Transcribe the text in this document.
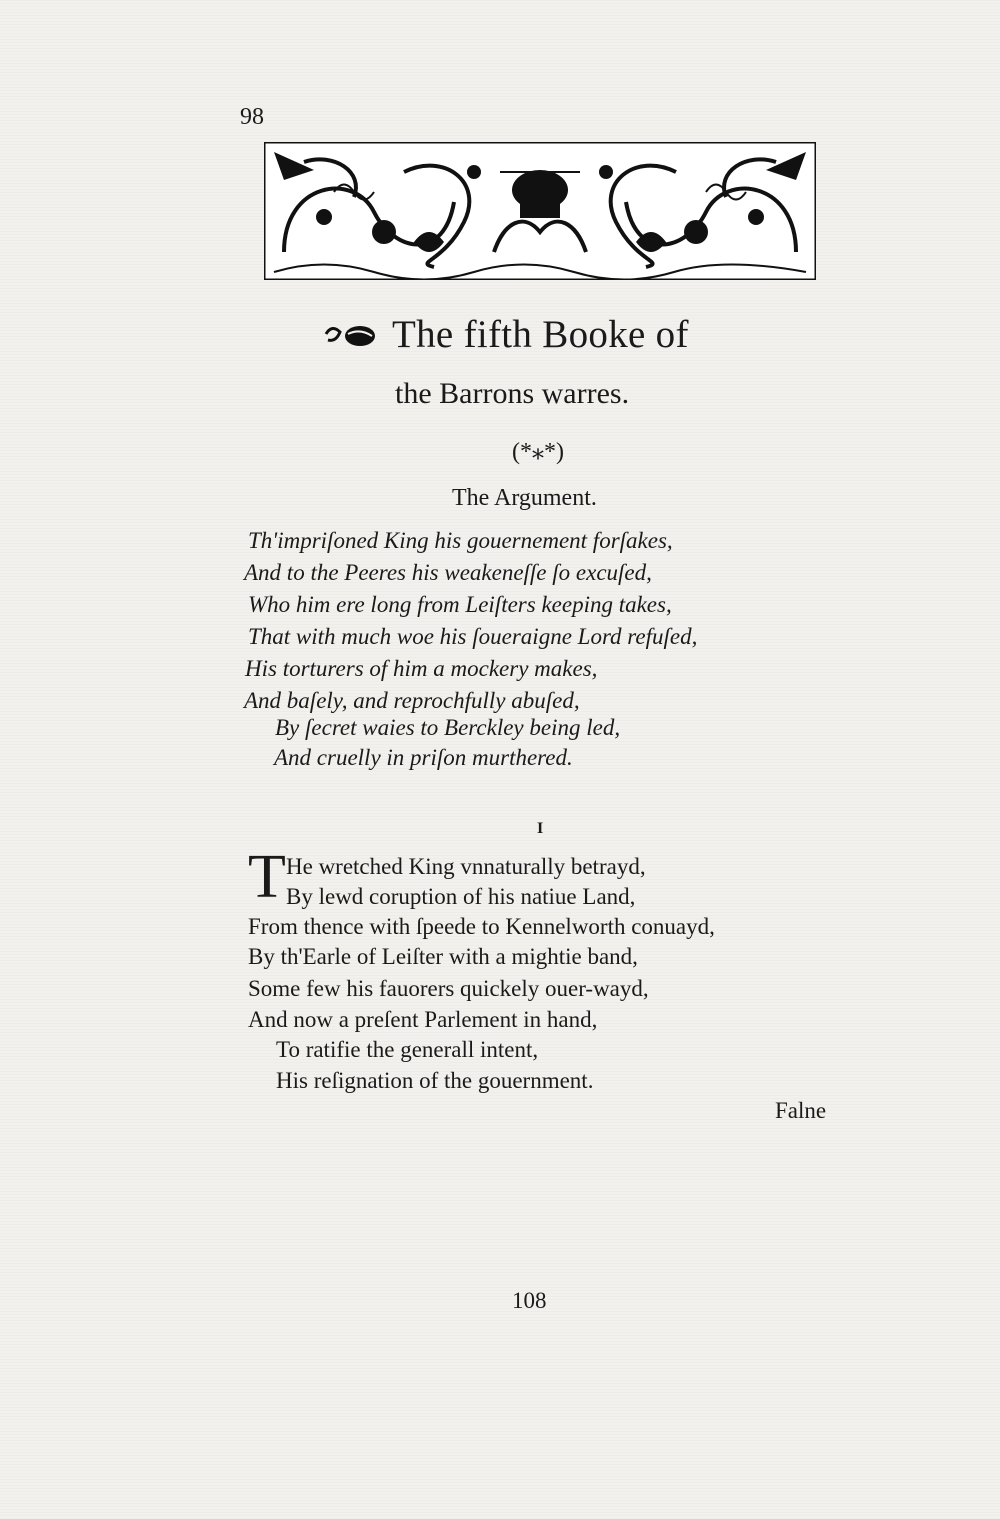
98
The fifth Booke of
the Barrons warres.
(*⁎*)
The Argument.
Th'impriſoned King his gouernement forſakes,
And to the Peeres his weakeneſſe ſo excuſed,
Who him ere long from Leiſters keeping takes,
That with much woe his ſoueraigne Lord refuſed,
His torturers of him a mockery makes,
And baſely, and reprochfully abuſed,
By ſecret waies to Berckley being led,
And cruelly in priſon murthered.
I
T He wretched King vnnaturally betrayd,
By lewd coruption of his natiue Land,
From thence with ſpeede to Kennelworth conuayd,
By th'Earle of Leiſter with a mightie band,
Some few his fauorers quickely ouer-wayd,
And now a preſent Parlement in hand,
To ratifie the generall intent,
His reſignation of the gouernment.
Falne
108
